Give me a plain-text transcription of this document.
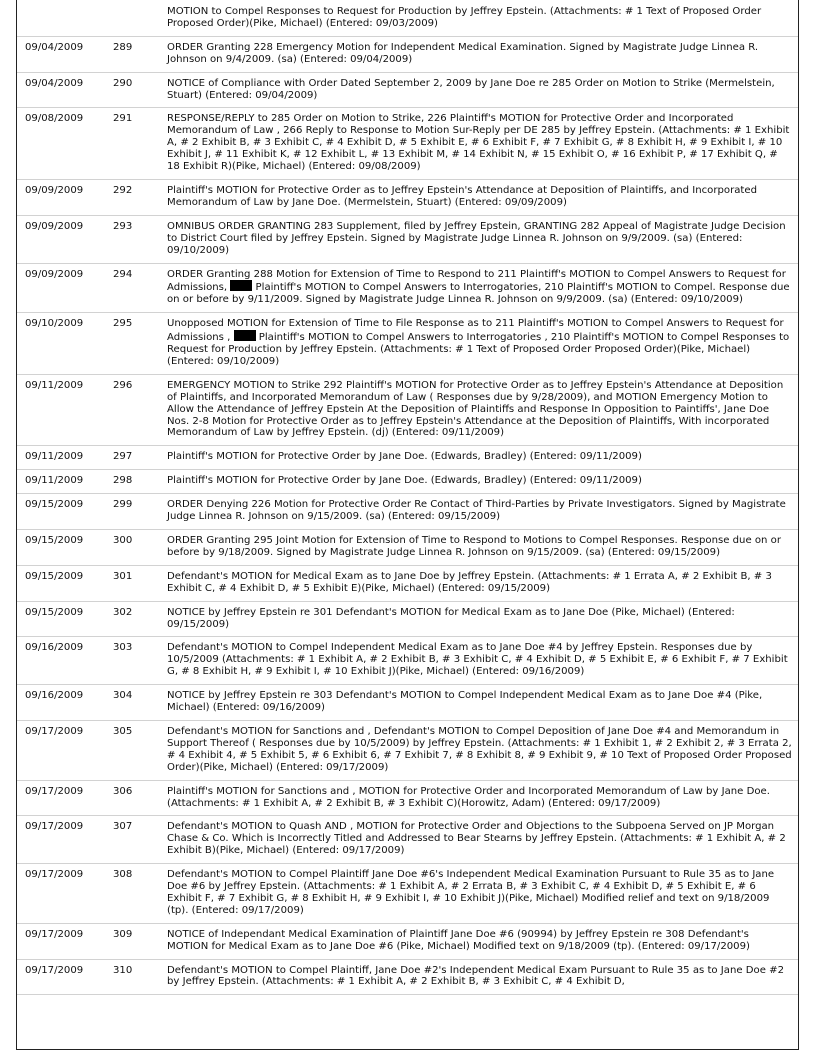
		MOTION to Compel Responses to Request for Production by Jeffrey Epstein. (Attachments: # 1 Text of Proposed Order Proposed Order)(Pike, Michael) (Entered: 09/03/2009)
09/04/2009	289	ORDER Granting 228 Emergency Motion for Independent Medical Examination. Signed by Magistrate Judge Linnea R. Johnson on 9/4/2009. (sa) (Entered: 09/04/2009)
09/04/2009	290	NOTICE of Compliance with Order Dated September 2, 2009 by Jane Doe re 285 Order on Motion to Strike (Mermelstein, Stuart) (Entered: 09/04/2009)
09/08/2009	291	RESPONSE/REPLY to 285 Order on Motion to Strike, 226 Plaintiff's MOTION for Protective Order and Incorporated Memorandum of Law , 266 Reply to Response to Motion Sur-Reply per DE 285 by Jeffrey Epstein. (Attachments: # 1 Exhibit A, # 2 Exhibit B, # 3 Exhibit C, # 4 Exhibit D, # 5 Exhibit E, # 6 Exhibit F, # 7 Exhibit G, # 8 Exhibit H, # 9 Exhibit I, # 10 Exhibit J, # 11 Exhibit K, # 12 Exhibit L, # 13 Exhibit M, # 14 Exhibit N, # 15 Exhibit O, # 16 Exhibit P, # 17 Exhibit Q, # 18 Exhibit R)(Pike, Michael) (Entered: 09/08/2009)
09/09/2009	292	Plaintiff's MOTION for Protective Order as to Jeffrey Epstein's Attendance at Deposition of Plaintiffs, and Incorporated Memorandum of Law by Jane Doe. (Mermelstein, Stuart) (Entered: 09/09/2009)
09/09/2009	293	OMNIBUS ORDER GRANTING 283 Supplement, filed by Jeffrey Epstein, GRANTING 282 Appeal of Magistrate Judge Decision to District Court filed by Jeffrey Epstein. Signed by Magistrate Judge Linnea R. Johnson on 9/9/2009. (sa) (Entered: 09/10/2009)
09/09/2009	294	ORDER Granting 288 Motion for Extension of Time to Respond to 211 Plaintiff's MOTION to Compel Answers to Request for Admissions,  Plaintiff's MOTION to Compel Answers to Interrogatories, 210 Plaintiff's MOTION to Compel. Response due on or before by 9/11/2009. Signed by Magistrate Judge Linnea R. Johnson on 9/9/2009. (sa) (Entered: 09/10/2009)
09/10/2009	295	Unopposed MOTION for Extension of Time to File Response as to 211 Plaintiff's MOTION to Compel Answers to Request for Admissions ,  Plaintiff's MOTION to Compel Answers to Interrogatories , 210 Plaintiff's MOTION to Compel Responses to Request for Production by Jeffrey Epstein. (Attachments: # 1 Text of Proposed Order Proposed Order)(Pike, Michael) (Entered: 09/10/2009)
09/11/2009	296	EMERGENCY MOTION to Strike 292 Plaintiff's MOTION for Protective Order as to Jeffrey Epstein's Attendance at Deposition of Plaintiffs, and Incorporated Memorandum of Law ( Responses due by 9/28/2009), and MOTION Emergency Motion to Allow the Attendance of Jeffrey Epstein At the Deposition of Plaintiffs and Response In Opposition to Paintiffs', Jane Doe Nos. 2-8 Motion for Protective Order as to Jeffrey Epstein's Attendance at the Deposition of Plaintiffs, With incorporated Memorandum of Law by Jeffrey Epstein. (dj) (Entered: 09/11/2009)
09/11/2009	297	Plaintiff's MOTION for Protective Order by Jane Doe. (Edwards, Bradley) (Entered: 09/11/2009)
09/11/2009	298	Plaintiff's MOTION for Protective Order by Jane Doe. (Edwards, Bradley) (Entered: 09/11/2009)
09/15/2009	299	ORDER Denying 226 Motion for Protective Order Re Contact of Third-Parties by Private Investigators. Signed by Magistrate Judge Linnea R. Johnson on 9/15/2009. (sa) (Entered: 09/15/2009)
09/15/2009	300	ORDER Granting 295 Joint Motion for Extension of Time to Respond to Motions to Compel Responses. Response due on or before by 9/18/2009. Signed by Magistrate Judge Linnea R. Johnson on 9/15/2009. (sa) (Entered: 09/15/2009)
09/15/2009	301	Defendant's MOTION for Medical Exam as to Jane Doe by Jeffrey Epstein. (Attachments: # 1 Errata A, # 2 Exhibit B, # 3 Exhibit C, # 4 Exhibit D, # 5 Exhibit E)(Pike, Michael) (Entered: 09/15/2009)
09/15/2009	302	NOTICE by Jeffrey Epstein re 301 Defendant's MOTION for Medical Exam as to Jane Doe (Pike, Michael) (Entered: 09/15/2009)
09/16/2009	303	Defendant's MOTION to Compel Independent Medical Exam as to Jane Doe #4 by Jeffrey Epstein. Responses due by 10/5/2009 (Attachments: # 1 Exhibit A, # 2 Exhibit B, # 3 Exhibit C, # 4 Exhibit D, # 5 Exhibit E, # 6 Exhibit F, # 7 Exhibit G, # 8 Exhibit H, # 9 Exhibit I, # 10 Exhibit J)(Pike, Michael) (Entered: 09/16/2009)
09/16/2009	304	NOTICE by Jeffrey Epstein re 303 Defendant's MOTION to Compel Independent Medical Exam as to Jane Doe #4 (Pike, Michael) (Entered: 09/16/2009)
09/17/2009	305	Defendant's MOTION for Sanctions and , Defendant's MOTION to Compel Deposition of Jane Doe #4 and Memorandum in Support Thereof ( Responses due by 10/5/2009) by Jeffrey Epstein. (Attachments: # 1 Exhibit 1, # 2 Exhibit 2, # 3 Errata 2, # 4 Exhibit 4, # 5 Exhibit 5, # 6 Exhibit 6, # 7 Exhibit 7, # 8 Exhibit 8, # 9 Exhibit 9, # 10 Text of Proposed Order Proposed Order)(Pike, Michael) (Entered: 09/17/2009)
09/17/2009	306	Plaintiff's MOTION for Sanctions and , MOTION for Protective Order and Incorporated Memorandum of Law by Jane Doe. (Attachments: # 1 Exhibit A, # 2 Exhibit B, # 3 Exhibit C)(Horowitz, Adam) (Entered: 09/17/2009)
09/17/2009	307	Defendant's MOTION to Quash AND , MOTION for Protective Order and Objections to the Subpoena Served on JP Morgan Chase & Co. Which is Incorrectly Titled and Addressed to Bear Stearns by Jeffrey Epstein. (Attachments: # 1 Exhibit A, # 2 Exhibit B)(Pike, Michael) (Entered: 09/17/2009)
09/17/2009	308	Defendant's MOTION to Compel Plaintiff Jane Doe #6's Independent Medical Examination Pursuant to Rule 35 as to Jane Doe #6 by Jeffrey Epstein. (Attachments: # 1 Exhibit A, # 2 Errata B, # 3 Exhibit C, # 4 Exhibit D, # 5 Exhibit E, # 6 Exhibit F, # 7 Exhibit G, # 8 Exhibit H, # 9 Exhibit I, # 10 Exhibit J)(Pike, Michael) Modified relief and text on 9/18/2009 (tp). (Entered: 09/17/2009)
09/17/2009	309	NOTICE of Independant Medical Examination of Plaintiff Jane Doe #6 (90994) by Jeffrey Epstein re 308 Defendant's MOTION for Medical Exam as to Jane Doe #6 (Pike, Michael) Modified text on 9/18/2009 (tp). (Entered: 09/17/2009)
09/17/2009	310	Defendant's MOTION to Compel Plaintiff, Jane Doe #2's Independent Medical Exam Pursuant to Rule 35 as to Jane Doe #2 by Jeffrey Epstein. (Attachments: # 1 Exhibit A, # 2 Exhibit B, # 3 Exhibit C, # 4 Exhibit D,
